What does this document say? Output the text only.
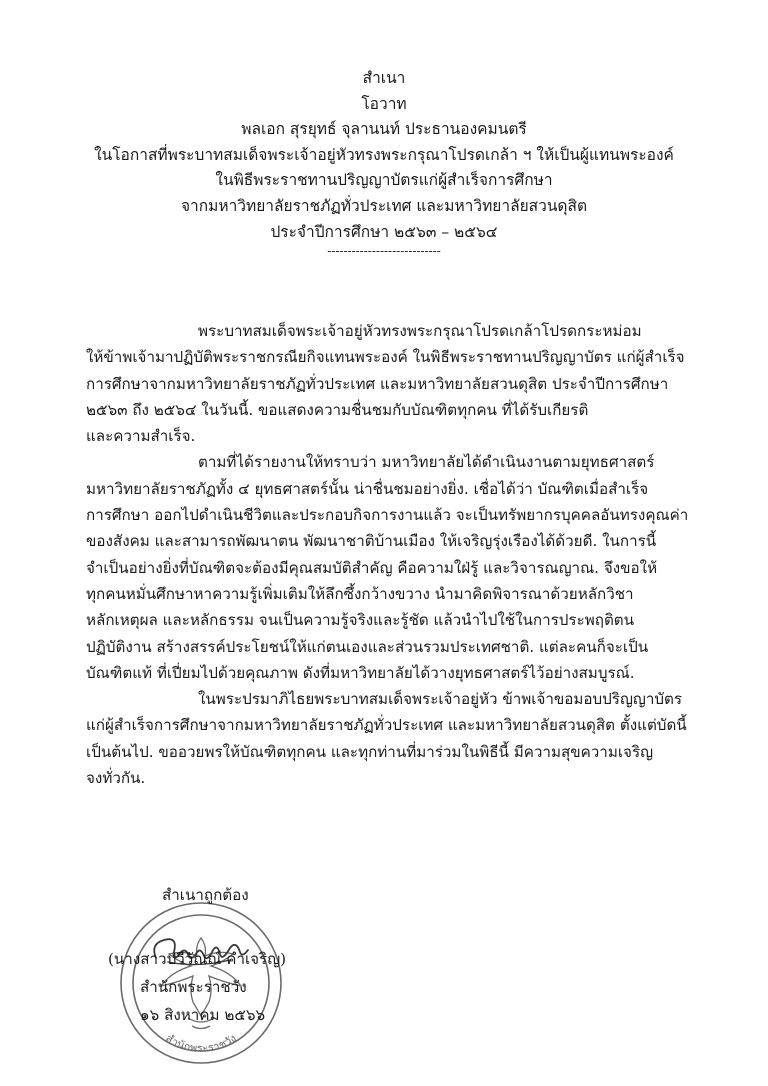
สำเนา

โอวาท

พลเอก สุรยุทธ์ จุลานนท์ ประธานองคมนตรี

ในโอกาสที่พระบาทสมเด็จพระเจ้าอยู่หัวทรงพระกรุณาโปรดเกล้า ฯ ให้เป็นผู้แทนพระองค์

ในพิธีพระราชทานปริญญาบัตรแก่ผู้สำเร็จการศึกษา

จากมหาวิทยาลัยราชภัฏทั่วประเทศ และมหาวิทยาลัยสวนดุสิต

ประจำปีการศึกษา ๒๕๖๓ – ๒๕๖๔

----------------------------

พระบาทสมเด็จพระเจ้าอยู่หัวทรงพระกรุณาโปรดเกล้าโปรดกระหม่อม
ให้ข้าพเจ้ามาปฏิบัติพระราชกรณียกิจแทนพระองค์ ในพิธีพระราชทานปริญญาบัตร แก่ผู้สำเร็จ
การศึกษาจากมหาวิทยาลัยราชภัฏทั่วประเทศ และมหาวิทยาลัยสวนดุสิต ประจำปีการศึกษา
๒๕๖๓ ถึง ๒๕๖๔ ในวันนี้. ขอแสดงความชื่นชมกับบัณฑิตทุกคน ที่ได้รับเกียรติ
และความสำเร็จ.

ตามที่ได้รายงานให้ทราบว่า มหาวิทยาลัยได้ดำเนินงานตามยุทธศาสตร์
มหาวิทยาลัยราชภัฏทั้ง ๔ ยุทธศาสตร์นั้น น่าชื่นชมอย่างยิ่ง. เชื่อได้ว่า บัณฑิตเมื่อสำเร็จ
การศึกษา ออกไปดำเนินชีวิตและประกอบกิจการงานแล้ว จะเป็นทรัพยากรบุคคลอันทรงคุณค่า
ของสังคม และสามารถพัฒนาตน พัฒนาชาติบ้านเมือง ให้เจริญรุ่งเรืองได้ด้วยดี. ในการนี้
จำเป็นอย่างยิ่งที่บัณฑิตจะต้องมีคุณสมบัติสำคัญ คือความใฝ่รู้ และวิจารณญาณ. จึงขอให้
ทุกคนหมั่นศึกษาหาความรู้เพิ่มเติมให้ลึกซึ้งกว้างขวาง นำมาคิดพิจารณาด้วยหลักวิชา
หลักเหตุผล และหลักธรรม จนเป็นความรู้จริงและรู้ชัด แล้วนำไปใช้ในการประพฤติตน
ปฏิบัติงาน สร้างสรรค์ประโยชน์ให้แก่ตนเองและส่วนรวมประเทศชาติ. แต่ละคนก็จะเป็น
บัณฑิตแท้ ที่เปี่ยมไปด้วยคุณภาพ ดังที่มหาวิทยาลัยได้วางยุทธศาสตร์ไว้อย่างสมบูรณ์.

ในพระปรมาภิไธยพระบาทสมเด็จพระเจ้าอยู่หัว ข้าพเจ้าขอมอบปริญญาบัตร
แก่ผู้สำเร็จการศึกษาจากมหาวิทยาลัยราชภัฏทั่วประเทศ และมหาวิทยาลัยสวนดุสิต ตั้งแต่บัดนี้
เป็นต้นไป. ขออวยพรให้บัณฑิตทุกคน และทุกท่านที่มาร่วมในพิธีนี้ มีความสุขความเจริญ
จงทั่วกัน.

สำนักพระราชวัง
สำเนาถูกต้อง
(นางสาวปวีวัณณ์ คำเจริญ)
สำนักพระราชวัง
๑๖ สิงหาคม ๒๕๖๖
